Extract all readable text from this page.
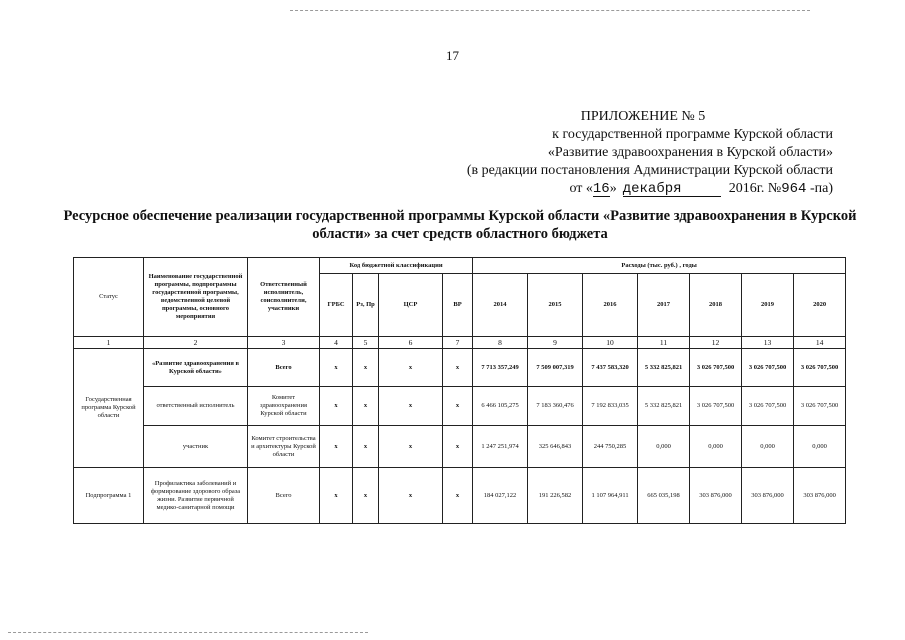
17
ПРИЛОЖЕНИЕ № 5
к государственной программе Курской области
«Развитие здравоохранения в Курской области»
(в редакции постановления Администрации Курской области
от «16»декабря	2016г. №964 -па)
Ресурсное обеспечение реализации государственной программы Курской области «Развитие здравоохранения в Курской области» за счет средств областного бюджета
Статус	Наименование государственной программы, подпрограммы государственной программы, ведомственной целевой программы, основного мероприятия	Ответственный исполнитель, соисполнители, участники	Код бюджетной классификации				Расходы (тыс. руб.) , годы						
			ГРБС	Рз, Пр	ЦСР	ВР	2014	2015	2016	2017	2018	2019	2020
1	2	3	4	5	6	7	8	9	10	11	12	13	14
Государственная программа Курской области	«Развитие здравоохранения в Курской области»	Всего	х	х	х	х	7 713 357,249	7 509 007,319	7 437 583,320	5 332 825,821	3 026 707,500	3 026 707,500	3 026 707,500
	ответственный исполнитель	Комитет здравоохранения Курской области	х	х	х	х	6 466 105,275	7 183 360,476	7 192 833,035	5 332 825,821	3 026 707,500	3 026 707,500	3 026 707,500
	участник	Комитет строительства и архитектуры Курской области	х	х	х	х	1 247 251,974	325 646,843	244 750,285	0,000	0,000	0,000	0,000
Подпрограмма 1	Профилактика заболеваний и формирование здорового образа жизни. Развитие первичной медико-санитарной помощи	Всего	х	х	х	х	184 027,122	191 226,582	1 107 964,911	665 035,198	303 876,000	303 876,000	303 876,000
